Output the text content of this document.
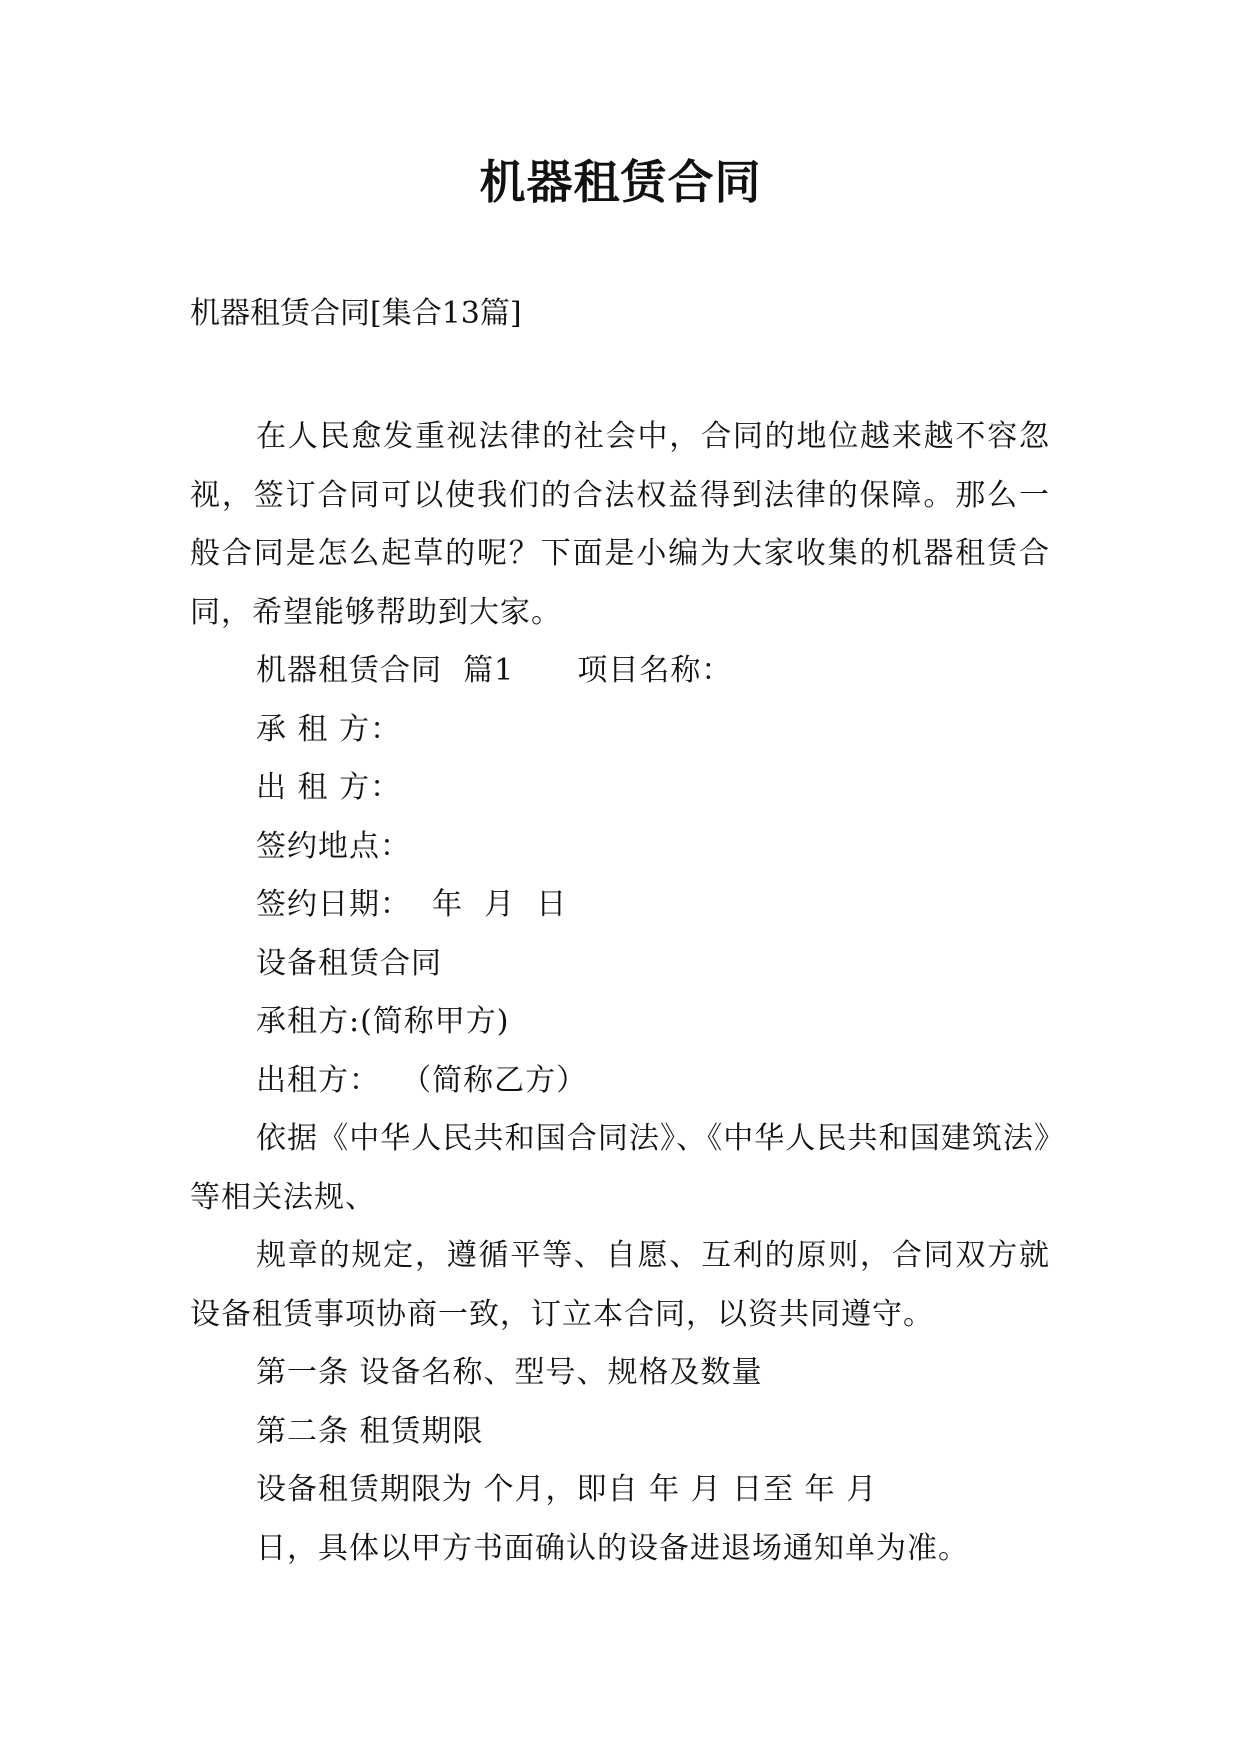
机器租赁合同
机器租赁合同[集合13篇]

在人民愈发重视法律的社会中，合同的地位越来越不容忽视，签订合同可以使我们的合法权益得到法律的保障。那么一般合同是怎么起草的呢？下面是小编为大家收集的机器租赁合同，希望能够帮助到大家。

机器租赁合同  篇1      项目名称：

承 租 方：

出 租 方：

签约地点：

签约日期：  年  月  日

设备租赁合同

承租方:(简称甲方)

出租方：  （简称乙方）

依据《中华人民共和国合同法》、《中华人民共和国建筑法》等相关法规、

规章的规定，遵循平等、自愿、互利的原则，合同双方就 设备租赁事项协商一致，订立本合同，以资共同遵守。

第一条 设备名称、型号、规格及数量

第二条 租赁期限

设备租赁期限为 个月，即自 年 月 日至 年 月

日，具体以甲方书面确认的设备进退场通知单为准。
